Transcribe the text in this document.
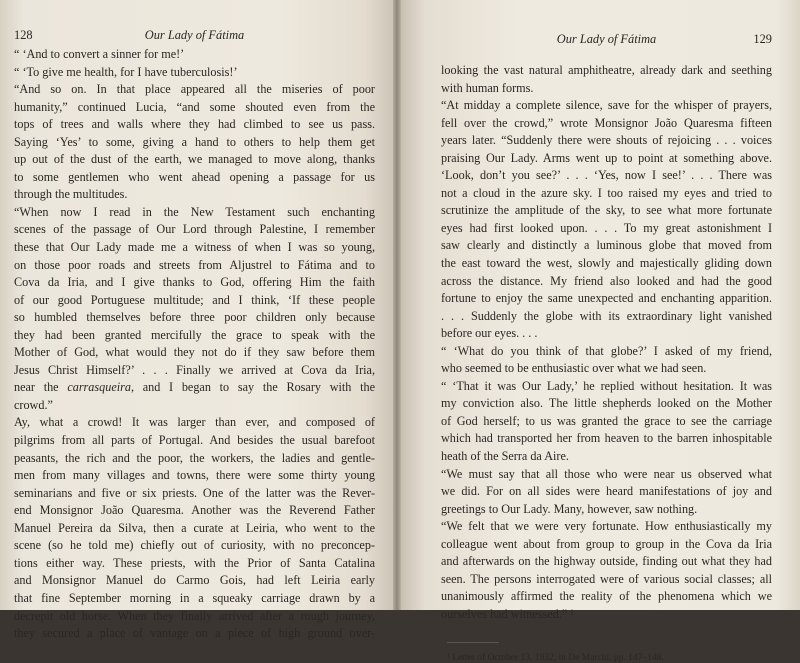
128	Our Lady of Fátima
“ ‘And to convert a sinner for me!’
“ ‘To give me health, for I have tuberculosis!’
“And so on. In that place appeared all the miseries of poor
humanity,” continued Lucia, “and some shouted even from the
tops of trees and walls where they had climbed to see us pass.
Saying ‘Yes’ to some, giving a hand to others to help them get
up out of the dust of the earth, we managed to move along, thanks
to some gentlemen who went ahead opening a passage for us
through the multitudes.
“When now I read in the New Testament such enchanting
scenes of the passage of Our Lord through Palestine, I remember
these that Our Lady made me a witness of when I was so young,
on those poor roads and streets from Aljustrel to Fátima and to
Cova da Iria, and I give thanks to God, offering Him the faith
of our good Portuguese multitude; and I think, ‘If these people
so humbled themselves before three poor children only because
they had been granted mercifully the grace to speak with the
Mother of God, what would they not do if they saw before them
Jesus Christ Himself?’ . . . Finally we arrived at Cova da Iria,
near the carrasqueira, and I began to say the Rosary with the
crowd.”
Ay, what a crowd! It was larger than ever, and composed of
pilgrims from all parts of Portugal. And besides the usual barefoot
peasants, the rich and the poor, the workers, the ladies and gentle-
men from many villages and towns, there were some thirty young
seminarians and five or six priests. One of the latter was the Rever-
end Monsignor João Quaresma. Another was the Reverend Father
Manuel Pereira da Silva, then a curate at Leiria, who went to the
scene (so he told me) chiefly out of curiosity, with no preconcep-
tions either way. These priests, with the Prior of Santa Catalina
and Monsignor Manuel do Carmo Gois, had left Leiria early
that fine September morning in a squeaky carriage drawn by a
decrepit old horse. When they finally arrived after a rough journey,
they secured a place of vantage on a piece of high ground over-
Our Lady of Fátima	129
looking the vast natural amphitheatre, already dark and seething
with human forms.
“At midday a complete silence, save for the whisper of prayers,
fell over the crowd,” wrote Monsignor João Quaresma fifteen
years later. “Suddenly there were shouts of rejoicing . . . voices
praising Our Lady. Arms went up to point at something above.
‘Look, don’t you see?’ . . . ‘Yes, now I see!’ . . . There was
not a cloud in the azure sky. I too raised my eyes and tried to
scrutinize the amplitude of the sky, to see what more fortunate
eyes had first looked upon. . . . To my great astonishment I
saw clearly and distinctly a luminous globe that moved from
the east toward the west, slowly and majestically gliding down
across the distance. My friend also looked and had the good
fortune to enjoy the same unexpected and enchanting apparition.
. . . Suddenly the globe with its extraordinary light vanished
before our eyes. . . .
“ ‘What do you think of that globe?’ I asked of my friend,
who seemed to be enthusiastic over what we had seen.
“ ‘That it was Our Lady,’ he replied without hesitation. It was
my conviction also. The little shepherds looked on the Mother
of God herself; to us was granted the grace to see the carriage
which had transported her from heaven to the barren inhospitable
heath of the Serra da Aire.
“We must say that all those who were near us observed what
we did. For on all sides were heard manifestations of joy and
greetings to Our Lady. Many, however, saw nothing.
“We felt that we were very fortunate. How enthusiastically my
colleague went about from group to group in the Cova da Iria
and afterwards on the highway outside, finding out what they had
seen. The persons interrogated were of various social classes; all
unanimously affirmed the reality of the phenomena which we
ourselves had witnessed.” ¹
¹ Letter of October 13, 1932, in De Marchi, pp. 147–148.
